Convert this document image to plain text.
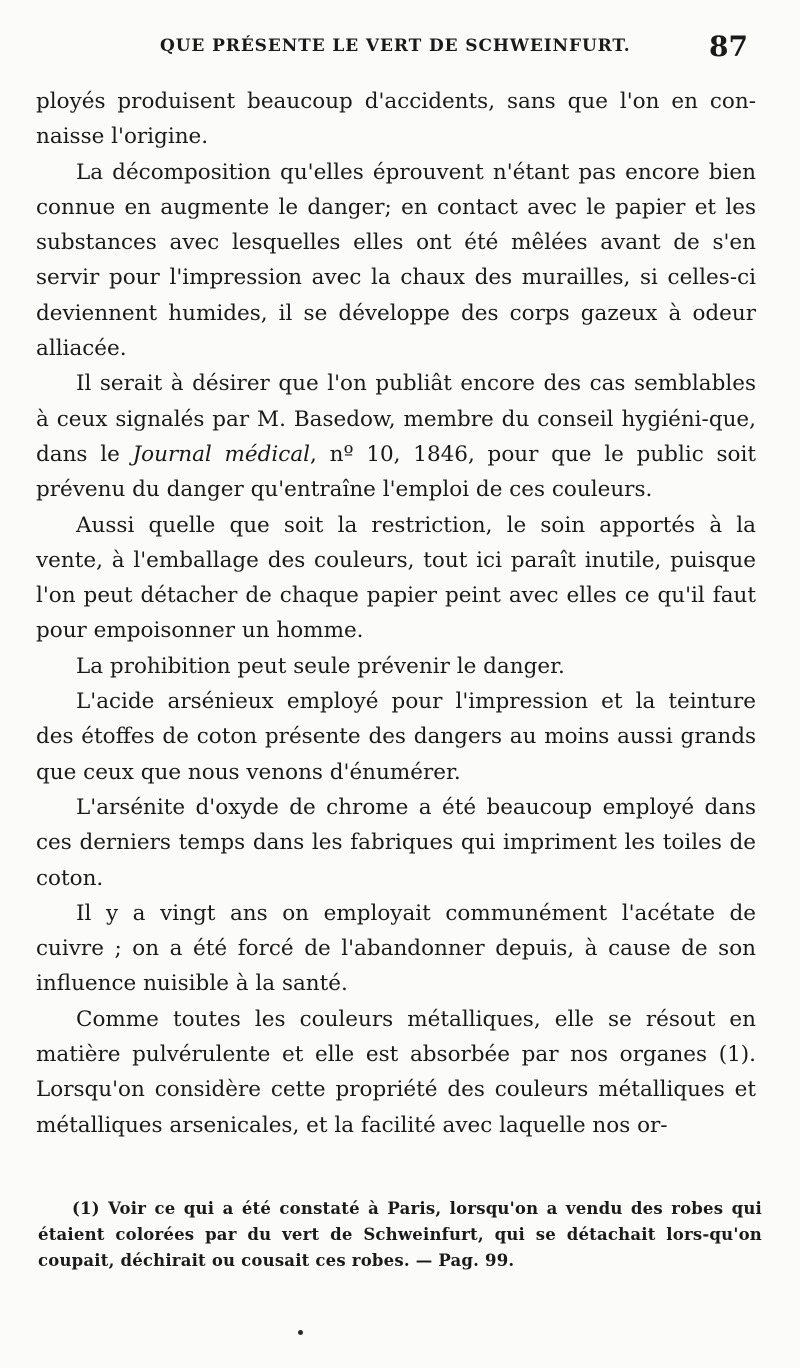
QUE PRÉSENTE LE VERT DE SCHWEINFURT.	87

ployés produisent beaucoup d'accidents, sans que l'on en con-naisse l'origine.

La décomposition qu'elles éprouvent n'étant pas encore bien connue en augmente le danger; en contact avec le papier et les substances avec lesquelles elles ont été mêlées avant de s'en servir pour l'impression avec la chaux des murailles, si celles-ci deviennent humides, il se développe des corps gazeux à odeur alliacée.

Il serait à désirer que l'on publiât encore des cas semblables à ceux signalés par M. Basedow, membre du conseil hygiéni-que, dans le Journal médical, nº 10, 1846, pour que le public soit prévenu du danger qu'entraîne l'emploi de ces couleurs.

Aussi quelle que soit la restriction, le soin apportés à la vente, à l'emballage des couleurs, tout ici paraît inutile, puisque l'on peut détacher de chaque papier peint avec elles ce qu'il faut pour empoisonner un homme.

La prohibition peut seule prévenir le danger.

L'acide arsénieux employé pour l'impression et la teinture des étoffes de coton présente des dangers au moins aussi grands que ceux que nous venons d'énumérer.

L'arsénite d'oxyde de chrome a été beaucoup employé dans ces derniers temps dans les fabriques qui impriment les toiles de coton.

Il y a vingt ans on employait communément l'acétate de cuivre ; on a été forcé de l'abandonner depuis, à cause de son influence nuisible à la santé.

Comme toutes les couleurs métalliques, elle se résout en matière pulvérulente et elle est absorbée par nos organes (1). Lorsqu'on considère cette propriété des couleurs métalliques et métalliques arsenicales, et la facilité avec laquelle nos or-

(1) Voir ce qui a été constaté à Paris, lorsqu'on a vendu des robes qui étaient colorées par du vert de Schweinfurt, qui se détachait lors-qu'on coupait, déchirait ou cousait ces robes. — Pag. 99.
